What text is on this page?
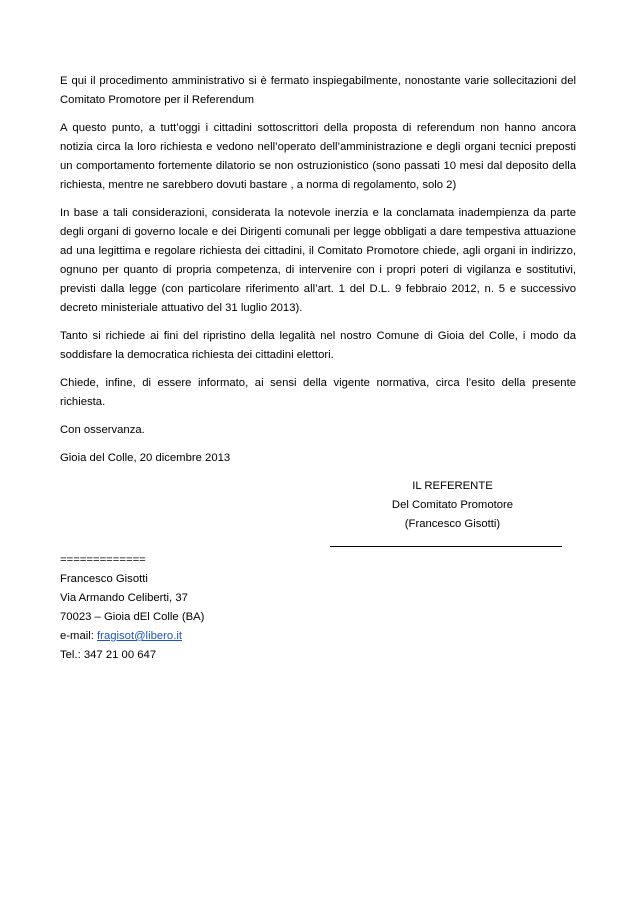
E qui il procedimento amministrativo si è fermato inspiegabilmente, nonostante varie sollecitazioni del Comitato Promotore per il Referendum

A questo punto, a tutt’oggi i cittadini sottoscrittori della proposta di referendum non hanno ancora notizia circa la loro richiesta e vedono nell’operato dell’amministrazione e degli organi tecnici preposti un comportamento fortemente dilatorio se non ostruzionistico (sono passati 10 mesi dal deposito della richiesta, mentre ne sarebbero dovuti bastare , a norma di regolamento, solo 2)

In base a tali considerazioni, considerata la notevole inerzia e la conclamata inadempienza da parte degli organi di governo locale e dei Dirigenti comunali per legge obbligati a dare tempestiva attuazione ad una legittima e regolare richiesta dei cittadini, il Comitato Promotore chiede, agli organi in indirizzo, ognuno per quanto di propria competenza, di intervenire con i propri poteri di vigilanza e sostitutivi, previsti dalla legge (con particolare riferimento all’art. 1 del D.L. 9 febbraio 2012, n. 5 e successivo decreto ministeriale attuativo del 31 luglio 2013).

Tanto si richiede ai fini del ripristino della legalità nel nostro Comune di Gioia del Colle, i modo da soddisfare la democratica richiesta dei cittadini elettori.

Chiede, infine, di essere informato, ai sensi della vigente normativa, circa l’esito della presente richiesta.

Con osservanza.

Gioia del Colle, 20 dicembre 2013

IL REFERENTE
Del Comitato Promotore
(Francesco Gisotti)
=============
Francesco Gisotti
Via Armando Celiberti, 37
70023 – Gioia dEl Colle (BA)
e-mail: fragisot@libero.it
Tel.: 347 21 00 647
